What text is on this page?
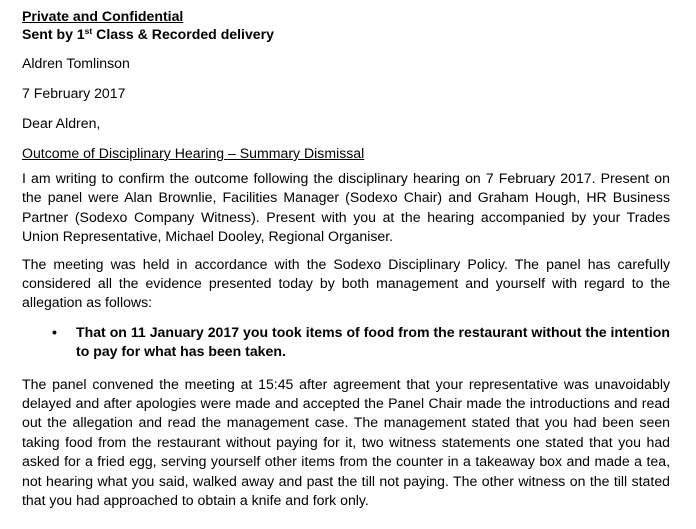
Private and Confidential
Sent by 1st Class & Recorded delivery
Aldren Tomlinson
7 February 2017
Dear Aldren,
Outcome of Disciplinary Hearing – Summary Dismissal

I am writing to confirm the outcome following the disciplinary hearing on 7 February 2017. Present on the panel were Alan Brownlie, Facilities Manager (Sodexo Chair) and Graham Hough, HR Business Partner (Sodexo Company Witness). Present with you at the hearing accompanied by your Trades Union Representative, Michael Dooley, Regional Organiser.

The meeting was held in accordance with the Sodexo Disciplinary Policy. The panel has carefully considered all the evidence presented today by both management and yourself with regard to the allegation as follows:

•	That on 11 January 2017 you took items of food from the restaurant without the intention to pay for what has been taken.

The panel convened the meeting at 15:45 after agreement that your representative was unavoidably delayed and after apologies were made and accepted the Panel Chair made the introductions and read out the allegation and read the management case. The management stated that you had been seen taking food from the restaurant without paying for it, two witness statements one stated that you had asked for a fried egg, serving yourself other items from the counter in a takeaway box and made a tea, not hearing what you said, walked away and past the till not paying. The other witness on the till stated that you had approached to obtain a knife and fork only.
